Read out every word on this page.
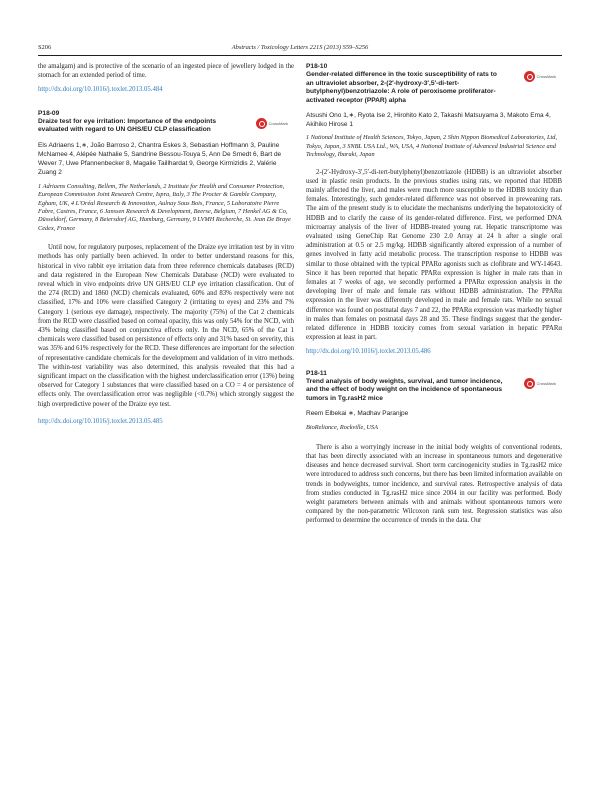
S206	Abstracts / Toxicology Letters 221S (2013) S59–S256

the amalgam) and is protective of the scenario of an ingested piece of jewellery lodged in the stomach for an extended period of time.

http://dx.doi.org/10.1016/j.toxlet.2013.05.484
P18-09
Draize test for eye irritation: Importance of the endpoints evaluated with regard to UN GHS/EU CLP classification
CrossMark

Els Adriaens 1,∗, João Barroso 2, Chantra Eskes 3, Sebastian Hoffmann 3, Pauline McNamee 4, Alépée Nathalie 5, Sandrine Bessou-Touya 5, Ann De Smedt 6, Bart de Wever 7, Uwe Pfannenbecker 8, Magalie Taillhardat 9, George Kirmizidis 2, Valérie Zuang 2

1 Adriaens Consulting, Bellem, The Netherlands, 2 Institute for Health and Consumer Protection, European Commission Joint Research Centre, Ispra, Italy, 3 The Procter & Gamble Company, Egham, UK, 4 L'Oréal Research & Innovation, Aulnay Sous Bois, France, 5 Laboratoire Pierre Fabre, Castres, France, 6 Janssen Research & Development, Beerse, Belgium, 7 Henkel AG & Co, Düsseldorf, Germany, 8 Beiersdorf AG, Hamburg, Germany, 9 LVMH Recherche, St. Jean De Braye Cedex, France

Until now, for regulatory purposes, replacement of the Draize eye irritation test by in vitro methods has only partially been achieved. In order to better understand reasons for this, historical in vivo rabbit eye irritation data from three reference chemicals databases (RCD) and data registered in the European New Chemicals Database (NCD) were evaluated to reveal which in vivo endpoints drive UN GHS/EU CLP eye irritation classification. Out of the 274 (RCD) and 1860 (NCD) chemicals evaluated, 60% and 83% respectively were not classified, 17% and 10% were classified Category 2 (irritating to eyes) and 23% and 7% Category 1 (serious eye damage), respectively. The majority (75%) of the Cat 2 chemicals from the RCD were classified based on corneal opacity, this was only 54% for the NCD, with 43% being classified based on conjunctiva effects only. In the NCD, 65% of the Cat 1 chemicals were classified based on persistence of effects only and 31% based on severity, this was 35% and 61% respectively for the RCD. These differences are important for the selection of representative candidate chemicals for the development and validation of in vitro methods. The within-test variability was also determined, this analysis revealed that this had a significant impact on the classification with the highest underclassification error (13%) being observed for Category 1 substances that were classified based on a CO = 4 or persistence of effects only. The overclassification error was negligible (<0.7%) which strongly suggest the high overpredictive power of the Draize eye test.

http://dx.doi.org/10.1016/j.toxlet.2013.05.485
P18-10
Gender-related difference in the toxic susceptibility of rats to an ultraviolet absorber, 2-(2′-hydroxy-3′,5′-di-tert-butylphenyl)benzotriazole: A role of peroxisome proliferator-activated receptor (PPAR) alpha
CrossMark

Atsushi Ono 1,∗, Ryota Ise 2, Hirohito Kato 2, Takashi Matsuyama 3, Makoto Ema 4, Akihiko Hirose 1

1 National Institute of Health Sciences, Tokyo, Japan, 2 Shin Nippon Biomedical Laboratories, Ltd, Tokyo, Japan, 3 SNBL USA Ltd., WA, USA, 4 National Institute of Advanced Industrial Science and Technology, Ibaraki, Japan

2-(2′-Hydroxy-3′,5′-di-tert-butylphenyl)benzotriazole (HDBB) is an ultraviolet absorber used in plastic resin products. In the previous studies using rats, we reported that HDBB mainly affected the liver, and males were much more susceptible to the HDBB toxicity than females. Interestingly, such gender-related difference was not observed in preweaning rats. The aim of the present study is to elucidate the mechanisms underlying the hepatotoxicity of HDBB and to clarify the cause of its gender-related difference. First, we performed DNA microarray analysis of the liver of HDBB-treated young rat. Hepatic transcriptome was evaluated using GeneChip Rat Genome 230 2.0 Array at 24 h after a single oral administration at 0.5 or 2.5 mg/kg. HDBB significantly altered expression of a number of genes involved in fatty acid metabolic process. The transcription response to HDBB was similar to those obtained with the typical PPARα agonists such as clofibrate and WY-14643. Since it has been reported that hepatic PPARα expression is higher in male rats than in females at 7 weeks of age, we secondly performed a PPARα expression analysis in the developing liver of male and female rats without HDBB administration. The PPARα expression in the liver was differently developed in male and female rats. While no sexual difference was found on postnatal days 7 and 22, the PPARα expression was markedly higher in males than females on postnatal days 28 and 35. These findings suggest that the gender-related difference in HDBB toxicity comes from sexual variation in hepatic PPARα expression at least in part.

http://dx.doi.org/10.1016/j.toxlet.2013.05.486
P18-11
Trend analysis of body weights, survival, and tumor incidence, and the effect of body weight on the incidence of spontaneous tumors in Tg.rasH2 mice
CrossMark

Reem Elbekai ∗, Madhav Paranjpe

BioReliance, Rockville, USA

There is also a worryingly increase in the initial body weights of conventional rodents, that has been directly associated with an increase in spontaneous tumors and degenerative diseases and hence decreased survival. Short term carcinogenicity studies in Tg.rasH2 mice were introduced to address such concerns, but there has been limited information available on trends in bodyweights, tumor incidence, and survival rates. Retrospective analysis of data from studies conducted in Tg.rasH2 mice since 2004 in our facility was performed. Body weight parameters between animals with and animals without spontaneous tumors were compared by the non-parametric Wilcoxon rank sum test. Regression statistics was also performed to determine the occurrence of trends in the data. Our
